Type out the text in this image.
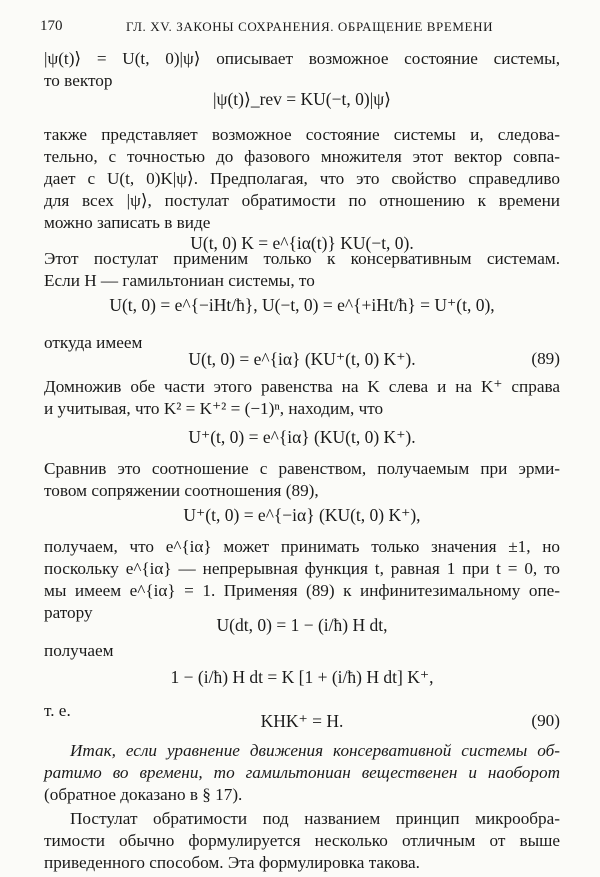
170	ГЛ. XV. ЗАКОНЫ СОХРАНЕНИЯ. ОБРАЩЕНИЕ ВРЕМЕНИ
|ψ(t)⟩ = U(t, 0)|ψ⟩ описывает возможное состояние системы,
то вектор
|ψ(t)⟩_rev = KU(−t, 0)|ψ⟩
также представляет возможное состояние системы и, следова-
тельно, с точностью до фазового множителя этот вектор совпа-
дает с U(t, 0)K|ψ⟩. Предполагая, что это свойство справедливо
для всех |ψ⟩, постулат обратимости по отношению к времени
можно записать в виде
U(t, 0) K = e^{iα(t)} KU(−t, 0).
Этот постулат применим только к консервативным системам.
Если H — гамильтониан системы, то
U(t, 0) = e^{−iHt/ħ}, U(−t, 0) = e^{+iHt/ħ} = U⁺(t, 0),
откуда имеем
U(t, 0) = e^{iα} (KU⁺(t, 0) K⁺).	(89)
Домножив обе части этого равенства на K слева и на K⁺ справа
и учитывая, что K² = K⁺² = (−1)ⁿ, находим, что
U⁺(t, 0) = e^{iα} (KU(t, 0) K⁺).
Сравнив это соотношение с равенством, получаемым при эрми-
товом сопряжении соотношения (89),
U⁺(t, 0) = e^{−iα} (KU(t, 0) K⁺),
получаем, что e^{iα} может принимать только значения ±1, но
поскольку e^{iα} — непрерывная функция t, равная 1 при t = 0, то
мы имеем e^{iα} = 1. Применяя (89) к инфинитезимальному опе-
ратору
U(dt, 0) = 1 − (i/ħ) H dt,
получаем
1 − (i/ħ) H dt = K [1 + (i/ħ) H dt] K⁺,
т. е.
KHK⁺ = H.	(90)
Итак, если уравнение движения консервативной системы об-
ратимо во времени, то гамильтониан вещественен и наоборот
(обратное доказано в § 17).
Постулат обратимости под названием принцип микрообра-
тимости обычно формулируется несколько отличным от выше
приведенного способом. Эта формулировка такова.
